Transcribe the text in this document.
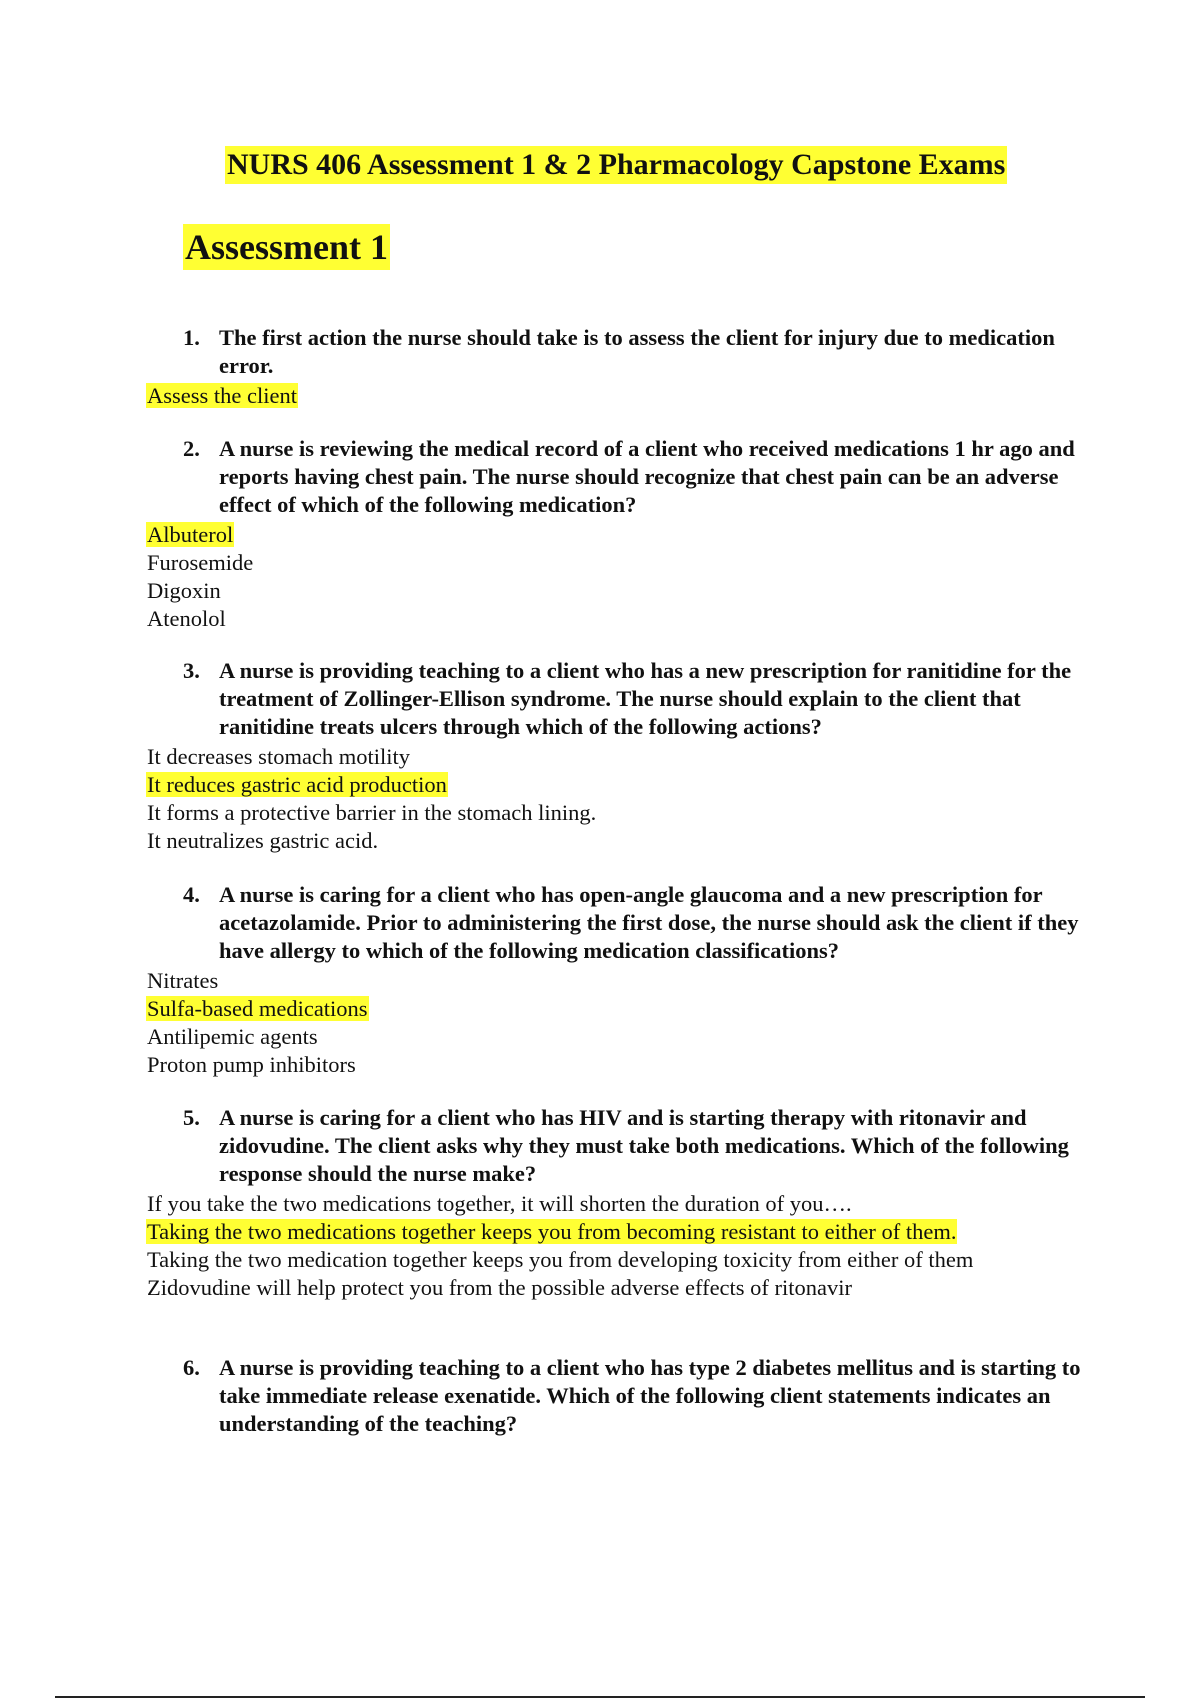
NURS 406 Assessment 1 & 2 Pharmacology Capstone Exams
Assessment 1
1. The first action the nurse should take is to assess the client for injury due to medication error.
Assess the client
2. A nurse is reviewing the medical record of a client who received medications 1 hr ago and reports having chest pain. The nurse should recognize that chest pain can be an adverse effect of which of the following medication?
Albuterol
Furosemide
Digoxin
Atenolol
3. A nurse is providing teaching to a client who has a new prescription for ranitidine for the treatment of Zollinger-Ellison syndrome. The nurse should explain to the client that ranitidine treats ulcers through which of the following actions?
It decreases stomach motility
It reduces gastric acid production
It forms a protective barrier in the stomach lining.
It neutralizes gastric acid.
4. A nurse is caring for a client who has open-angle glaucoma and a new prescription for acetazolamide. Prior to administering the first dose, the nurse should ask the client if they have allergy to which of the following medication classifications?
Nitrates
Sulfa-based medications
Antilipemic agents
Proton pump inhibitors
5. A nurse is caring for a client who has HIV and is starting therapy with ritonavir and zidovudine. The client asks why they must take both medications. Which of the following response should the nurse make?
If you take the two medications together, it will shorten the duration of you….
Taking the two medications together keeps you from becoming resistant to either of them.
Taking the two medication together keeps you from developing toxicity from either of them
Zidovudine will help protect you from the possible adverse effects of ritonavir
6. A nurse is providing teaching to a client who has type 2 diabetes mellitus and is starting to take immediate release exenatide. Which of the following client statements indicates an understanding of the teaching?
